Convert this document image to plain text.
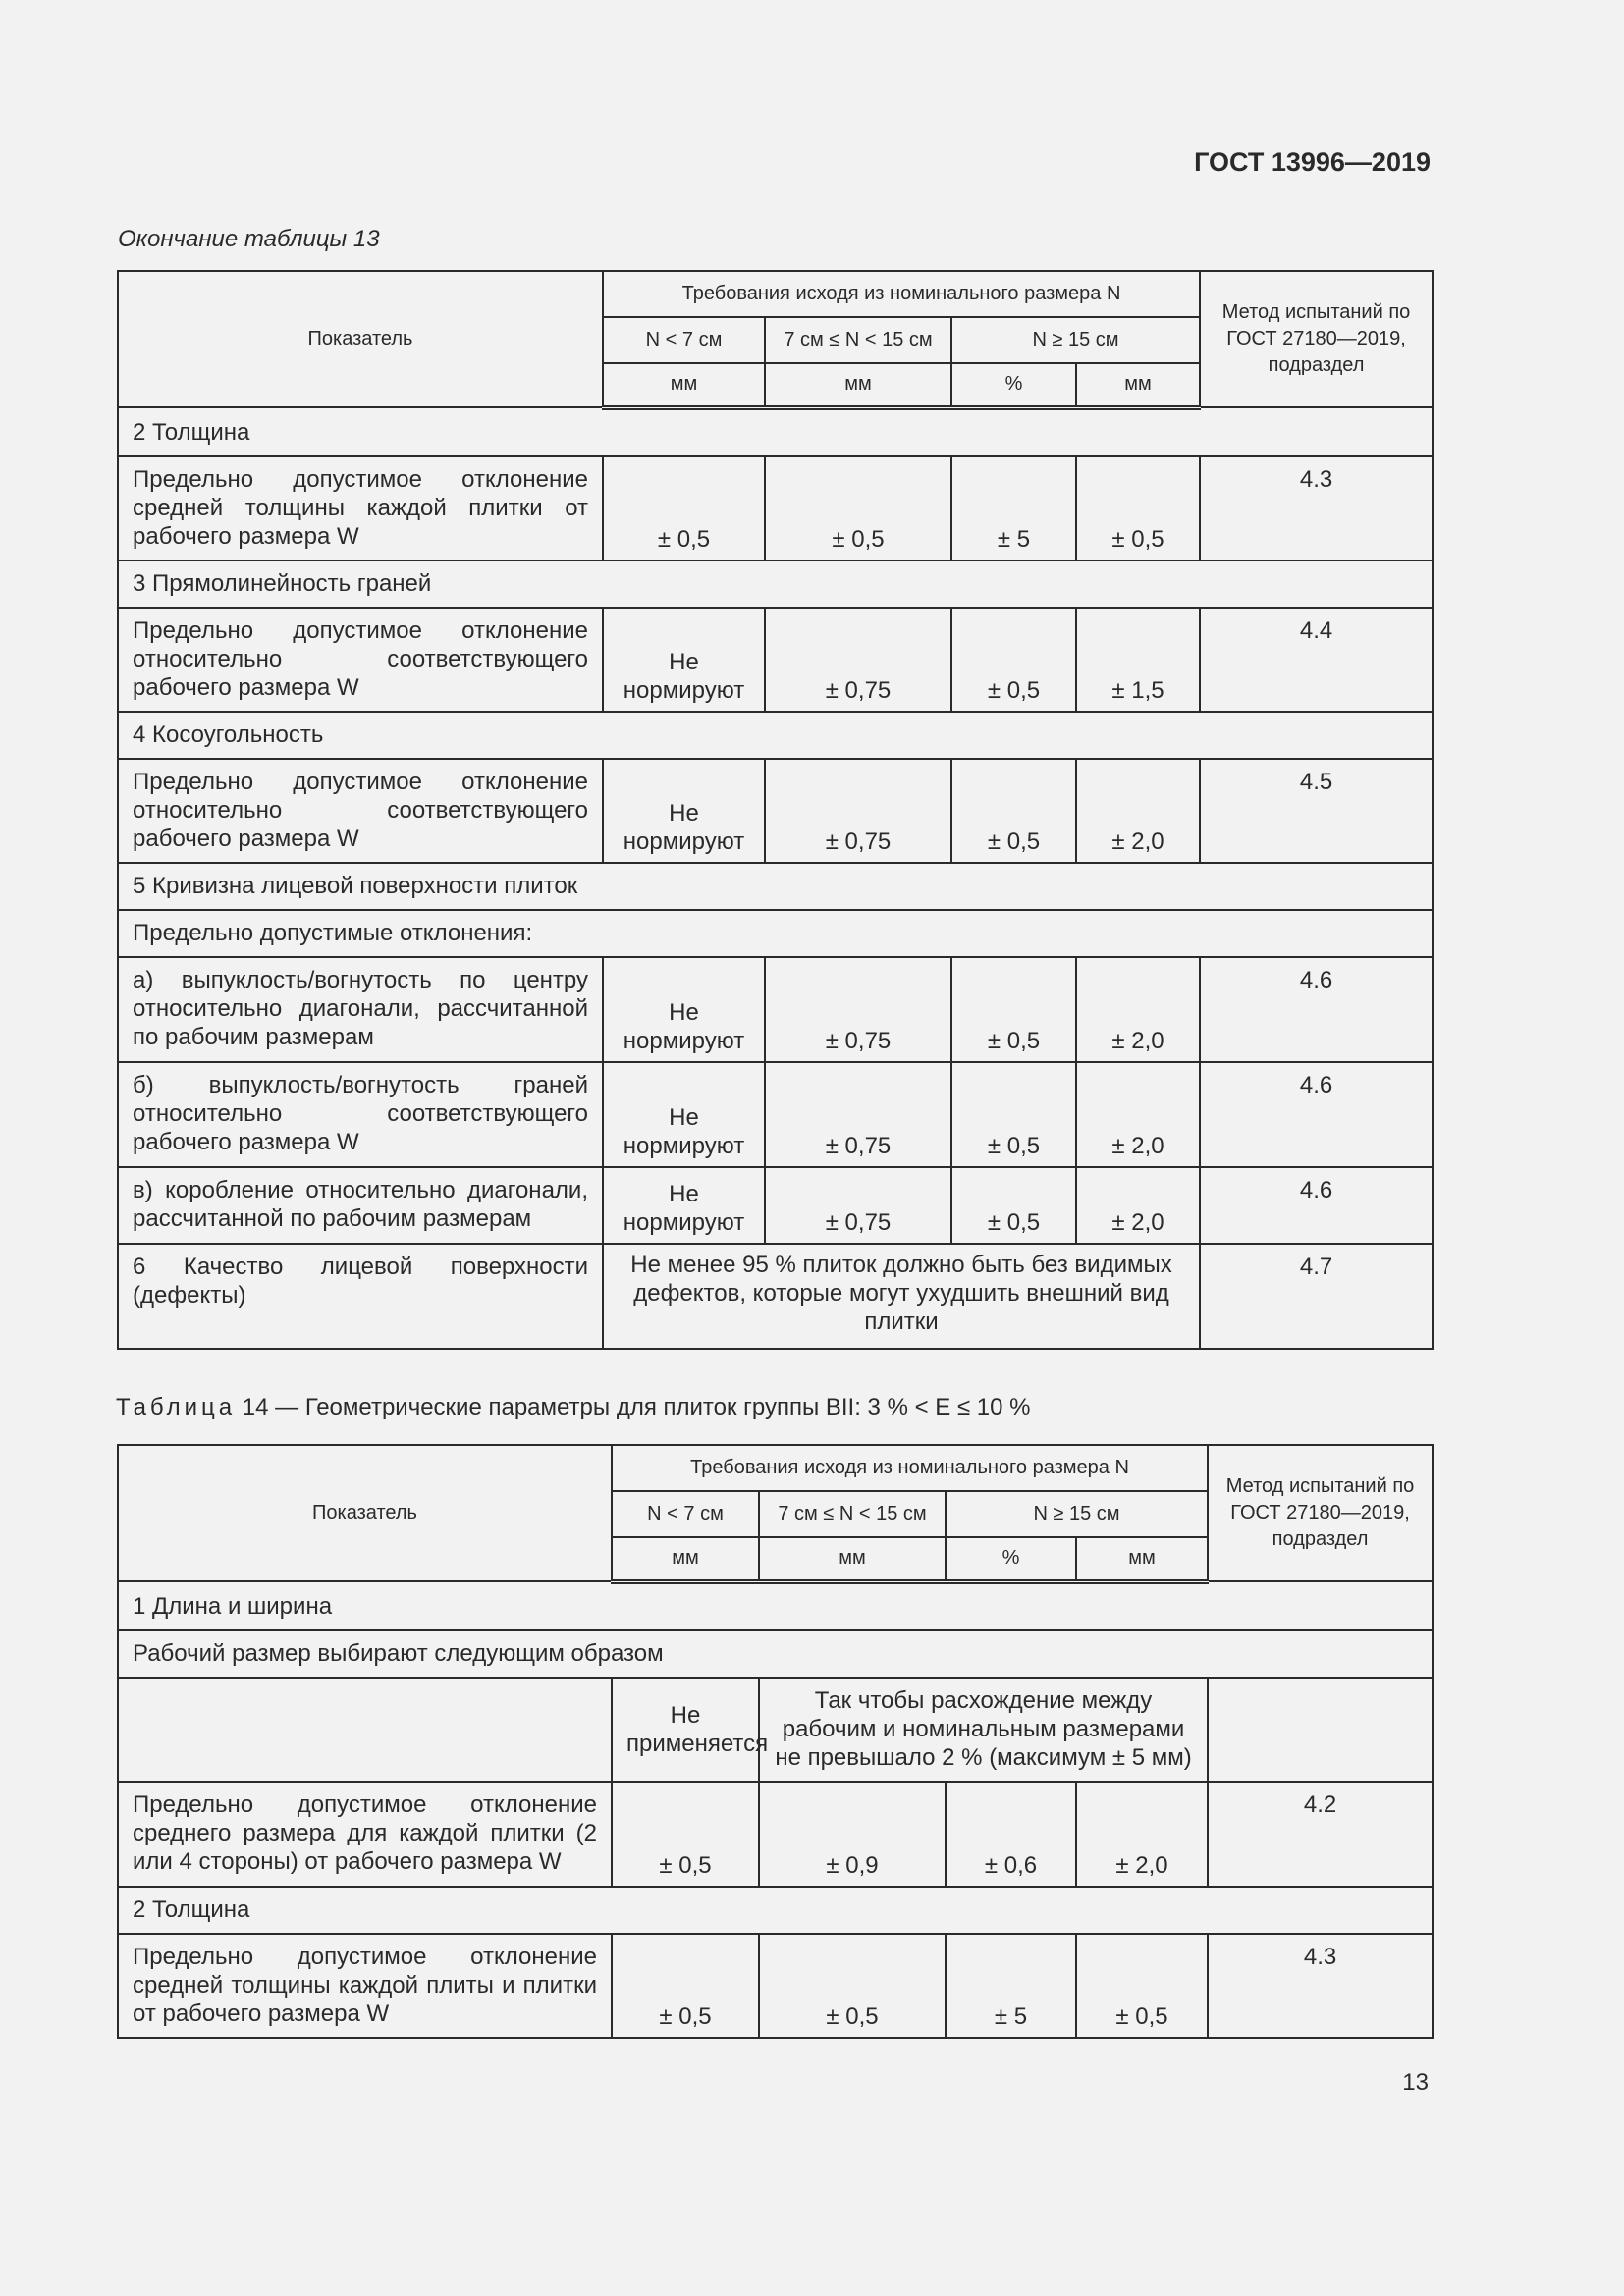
ГОСТ 13996—2019
Окончание таблицы 13
Показатель	Требования исходя из номинального размера N				Метод испытаний по ГОСТ 27180—2019, подраздел
	N < 7 см	7 см ≤ N < 15 см	N ≥ 15 см		
	мм	мм	%	мм	
2 Толщина					
Предельно допустимое отклонение средней толщины каждой плитки от рабочего размера W	± 0,5	± 0,5	± 5	± 0,5	4.3
3 Прямолинейность граней					
Предельно допустимое отклонение относительно соответствующего рабочего размера W	Не нормируют	± 0,75	± 0,5	± 1,5	4.4
4 Косоугольность					
Предельно допустимое отклонение относительно соответствующего рабочего размера W	Не нормируют	± 0,75	± 0,5	± 2,0	4.5
5 Кривизна лицевой поверхности плиток					
Предельно допустимые отклонения:					
а) выпуклость/вогнутость по центру относительно диагонали, рассчитанной по рабочим размерам	Не нормируют	± 0,75	± 0,5	± 2,0	4.6
б) выпуклость/вогнутость граней относительно соответствующего рабочего размера W	Не нормируют	± 0,75	± 0,5	± 2,0	4.6
в) коробление относительно диагонали, рассчитанной по рабочим размерам	Не нормируют	± 0,75	± 0,5	± 2,0	4.6
6 Качество лицевой поверхности (дефекты)	Не менее 95 % плиток должно быть без видимых дефектов, которые могут ухудшить внешний вид плитки				4.7
Таблица 14 — Геометрические параметры для плиток группы BII: 3 % < E ≤ 10 %
Показатель	Требования исходя из номинального размера N				Метод испытаний по ГОСТ 27180—2019, подраздел
	N < 7 см	7 см ≤ N < 15 см	N ≥ 15 см		
	мм	мм	%	мм	
1 Длина и ширина					
Рабочий размер выбирают следующим образом					
	Не применяется	Так чтобы расхождение между рабочим и номинальным размерами не превышало 2 % (максимум ± 5 мм)			
Предельно допустимое отклонение среднего размера для каждой плитки (2 или 4 стороны) от рабочего размера W	± 0,5	± 0,9	± 0,6	± 2,0	4.2
2 Толщина					
Предельно допустимое отклонение средней толщины каждой плиты и плитки от рабочего размера W	± 0,5	± 0,5	± 5	± 0,5	4.3
13
